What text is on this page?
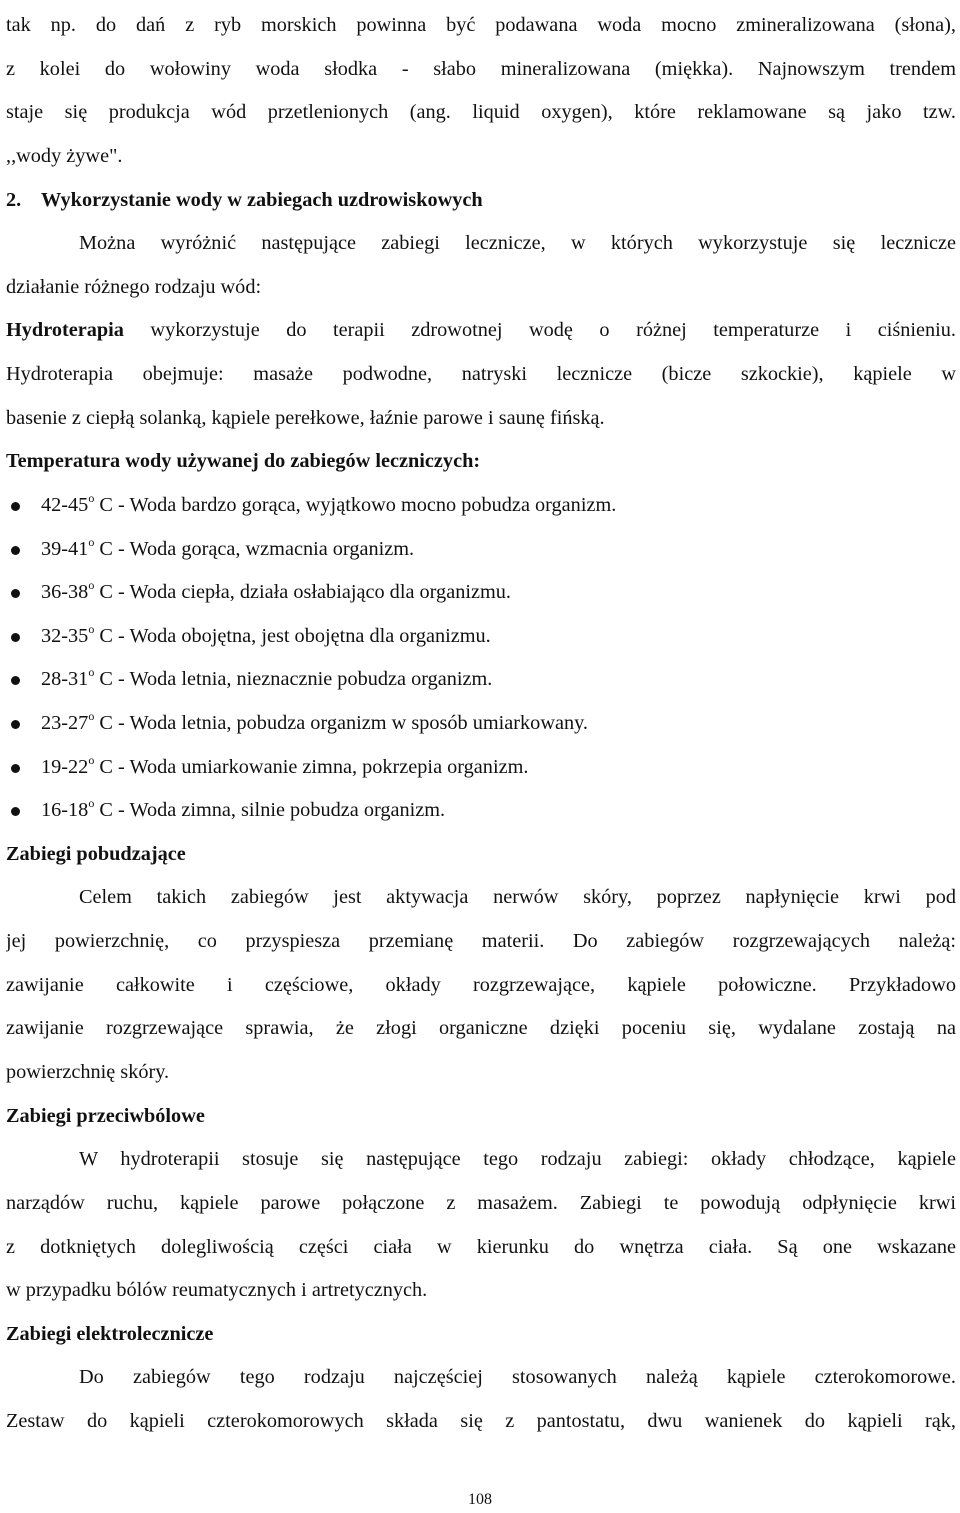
tak np. do dań z ryb morskich powinna być podawana woda mocno zmineralizowana (słona),

z kolei do wołowiny woda słodka - słabo mineralizowana (miękka). Najnowszym trendem

staje się produkcja wód przetlenionych (ang. liquid oxygen), które reklamowane są jako tzw.

,,wody żywe".

2. Wykorzystanie wody w zabiegach uzdrowiskowych

Można wyróżnić następujące zabiegi lecznicze, w których wykorzystuje się lecznicze

działanie różnego rodzaju wód:

Hydroterapia wykorzystuje do terapii zdrowotnej wodę o różnej temperaturze i ciśnieniu.

Hydroterapia obejmuje: masaże podwodne, natryski lecznicze (bicze szkockie), kąpiele w

basenie z ciepłą solanką, kąpiele perełkowe, łaźnie parowe i saunę fińską.

Temperatura wody używanej do zabiegów leczniczych:

42-45$^o$ C - Woda bardzo gorąca, wyjątkowo mocno pobudza organizm.
39-41$^o$ C - Woda gorąca, wzmacnia organizm.
36-38$^o$ C - Woda ciepła, działa osłabiająco dla organizmu.
32-35$^o$ C - Woda obojętna, jest obojętna dla organizmu.
28-31$^o$ C - Woda letnia, nieznacznie pobudza organizm.
23-27$^o$ C - Woda letnia, pobudza organizm w sposób umiarkowany.
19-22$^o$ C - Woda umiarkowanie zimna, pokrzepia organizm.
16-18$^o$ C - Woda zimna, silnie pobudza organizm.

Zabiegi pobudzające

Celem takich zabiegów jest aktywacja nerwów skóry, poprzez napłynięcie krwi pod

jej powierzchnię, co przyspiesza przemianę materii. Do zabiegów rozgrzewających należą:

zawijanie całkowite i częściowe, okłady rozgrzewające, kąpiele połowiczne. Przykładowo

zawijanie rozgrzewające sprawia, że złogi organiczne dzięki poceniu się, wydalane zostają na

powierzchnię skóry.

Zabiegi przeciwbólowe

W hydroterapii stosuje się następujące tego rodzaju zabiegi: okłady chłodzące, kąpiele

narządów ruchu, kąpiele parowe połączone z masażem. Zabiegi te powodują odpłynięcie krwi

z dotkniętych dolegliwością części ciała w kierunku do wnętrza ciała. Są one wskazane

w przypadku bólów reumatycznych i artretycznych.

Zabiegi elektrolecznicze

Do zabiegów tego rodzaju najczęściej stosowanych należą kąpiele czterokomorowe.

Zestaw do kąpieli czterokomorowych składa się z pantostatu, dwu wanienek do kąpieli rąk,

108
